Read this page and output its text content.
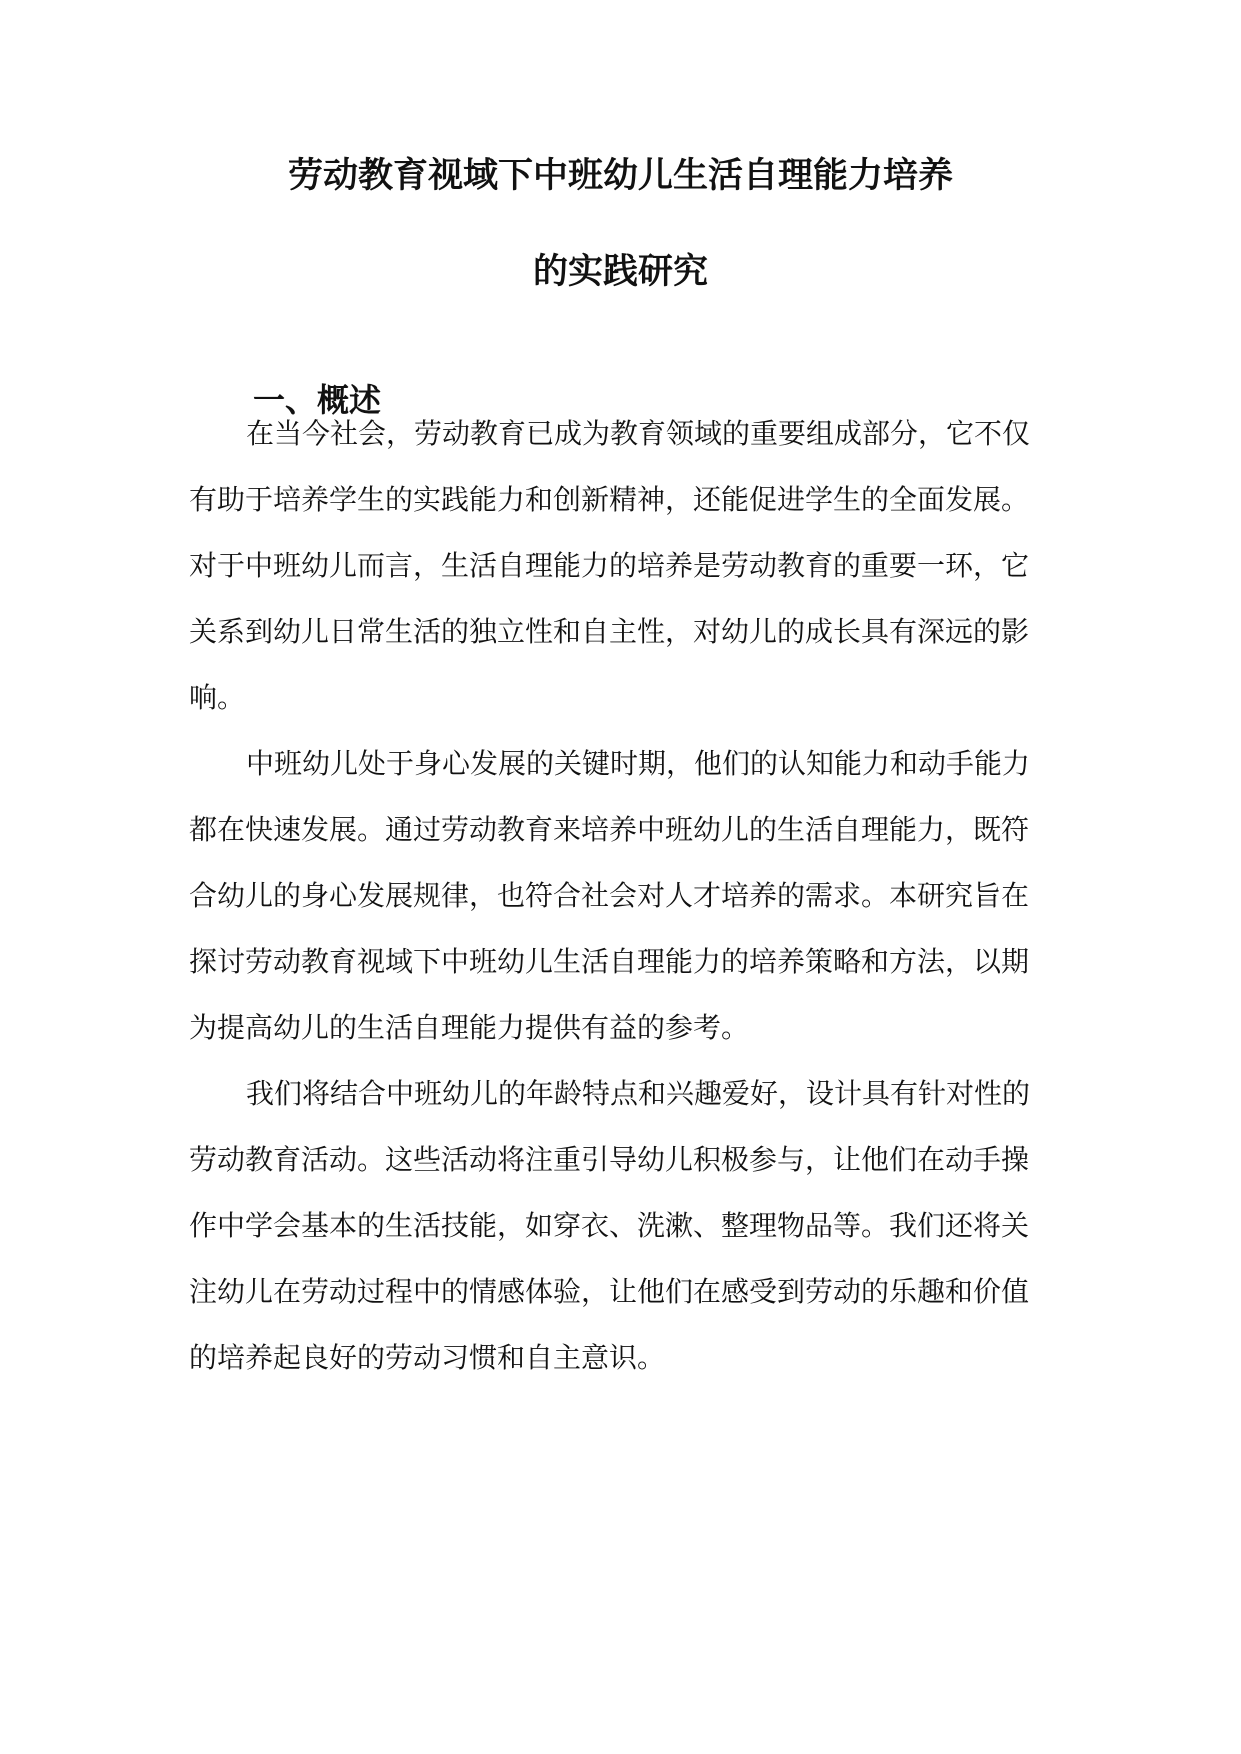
劳动教育视域下中班幼儿生活自理能力培养
的实践研究
一、概述
在当今社会，劳动教育已成为教育领域的重要组成部分，它不仅
有助于培养学生的实践能力和创新精神，还能促进学生的全面发展。
对于中班幼儿而言，生活自理能力的培养是劳动教育的重要一环，它
关系到幼儿日常生活的独立性和自主性，对幼儿的成长具有深远的影
响。
中班幼儿处于身心发展的关键时期，他们的认知能力和动手能力
都在快速发展。通过劳动教育来培养中班幼儿的生活自理能力，既符
合幼儿的身心发展规律，也符合社会对人才培养的需求。本研究旨在
探讨劳动教育视域下中班幼儿生活自理能力的培养策略和方法，以期
为提高幼儿的生活自理能力提供有益的参考。
我们将结合中班幼儿的年龄特点和兴趣爱好，设计具有针对性的
劳动教育活动。这些活动将注重引导幼儿积极参与，让他们在动手操
作中学会基本的生活技能，如穿衣、洗漱、整理物品等。我们还将关
注幼儿在劳动过程中的情感体验，让他们在感受到劳动的乐趣和价值
的培养起良好的劳动习惯和自主意识。
